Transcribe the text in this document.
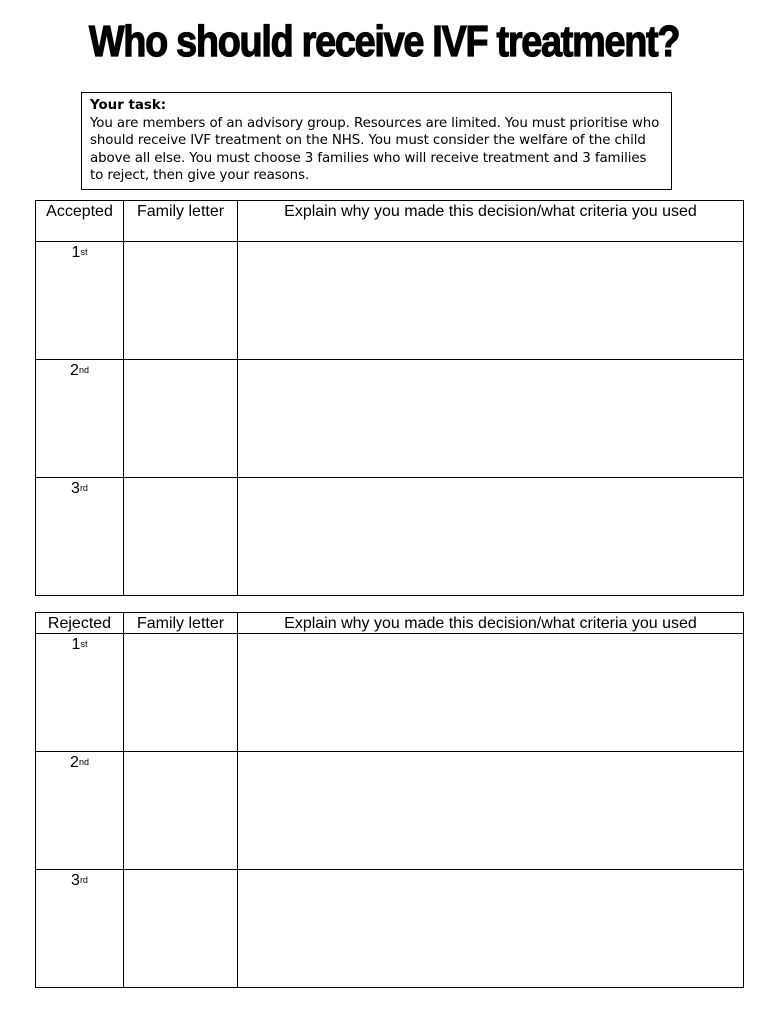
Who should receive IVF treatment?
Your task:
You are members of an advisory group. Resources are limited. You must prioritise who should receive IVF treatment on the NHS. You must consider the welfare of the child above all else. You must choose 3 families who will receive treatment and 3 families to reject, then give your reasons.
Accepted	Family letter	Explain why you made this decision/what criteria you used
1st		
2nd		
3rd		
Rejected	Family letter	Explain why you made this decision/what criteria you used
1st		
2nd		
3rd		
